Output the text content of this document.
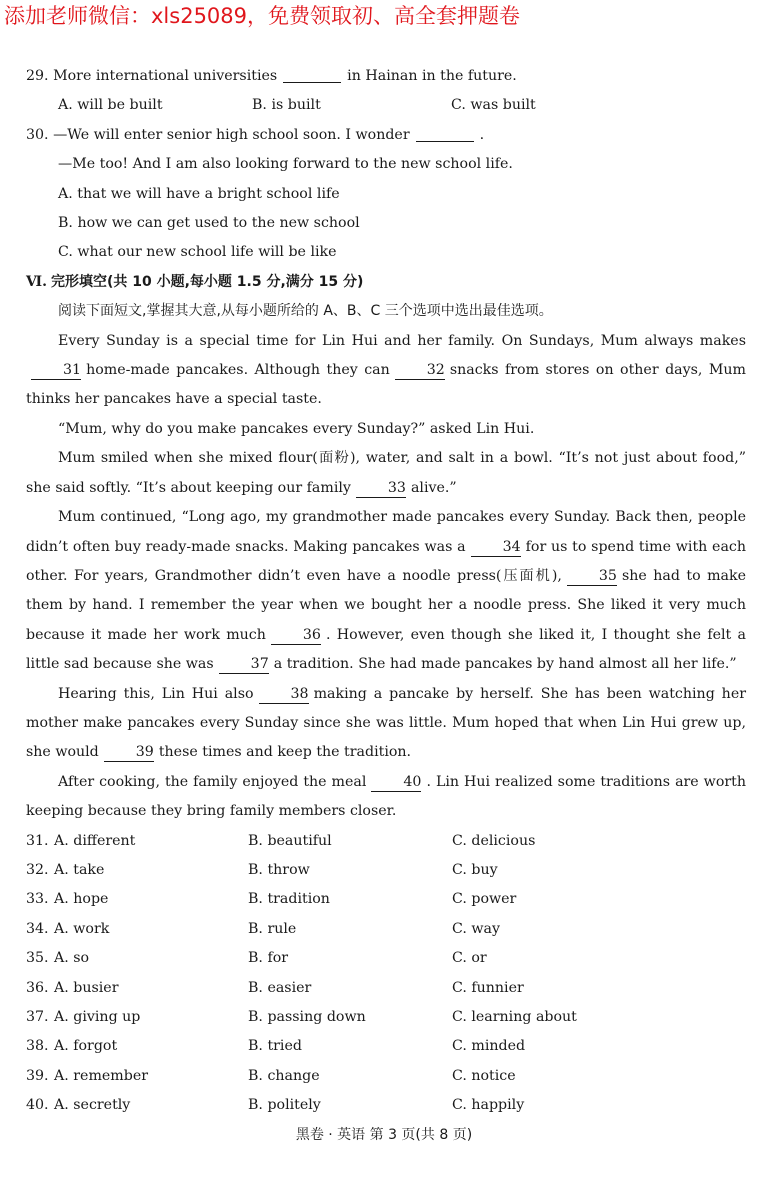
添加老师微信：xls25089，免费领取初、高全套押题卷

29. More international universities	in Hainan in the future.

A. will be built	B. is built	C. was built

30. —We will enter senior high school soon. I wonder	.

—Me too! And I am also looking forward to the new school life.

A. that we will have a bright school life

B. how we can get used to the new school

C. what our new school life will be like

Ⅵ. 完形填空(共 10 小题,每小题 1.5 分,满分 15 分)

阅读下面短文,掌握其大意,从每小题所给的 A、B、C 三个选项中选出最佳选项。

Every Sunday is a special time for Lin Hui and her family. On Sundays, Mum always makes31 home-made pancakes. Although they can	32 snacks from stores on other days, Mum thinks her pancakes have a special taste.

“Mum, why do you make pancakes every Sunday?” asked Lin Hui.

Mum smiled when she mixed flour(面粉), water, and salt in a bowl. “It’s not just about food,” she said softly. “It’s about keeping our family	33 alive.”

Mum continued, “Long ago, my grandmother made pancakes every Sunday. Back then, people didn’t often buy ready-made snacks. Making pancakes was a	34 for us to spend time with each other. For years, Grandmother didn’t even have a noodle press(压面机),	35 she had to make them by hand. I remember the year when we bought her a noodle press. She liked it very much because it made her work much	36 . However, even though she liked it, I thought she felt a little sad because she was	37 a tradition. She had made pancakes by hand almost all her life.”

Hearing this, Lin Hui also	38 making a pancake by herself. She has been watching her mother make pancakes every Sunday since she was little. Mum hoped that when Lin Hui grew up, she would	39 these times and keep the tradition.

After cooking, the family enjoyed the meal	40 . Lin Hui realized some traditions are worth keeping because they bring family members closer.

31. A. different	B. beautiful	C. delicious
32. A. take	B. throw	C. buy
33. A. hope	B. tradition	C. power
34. A. work	B. rule	C. way
35. A. so	B. for	C. or
36. A. busier	B. easier	C. funnier
37. A. giving up	B. passing down	C. learning about
38. A. forgot	B. tried	C. minded
39. A. remember	B. change	C. notice
40. A. secretly	B. politely	C. happily
黑卷 · 英语 第 3 页(共 8 页)
